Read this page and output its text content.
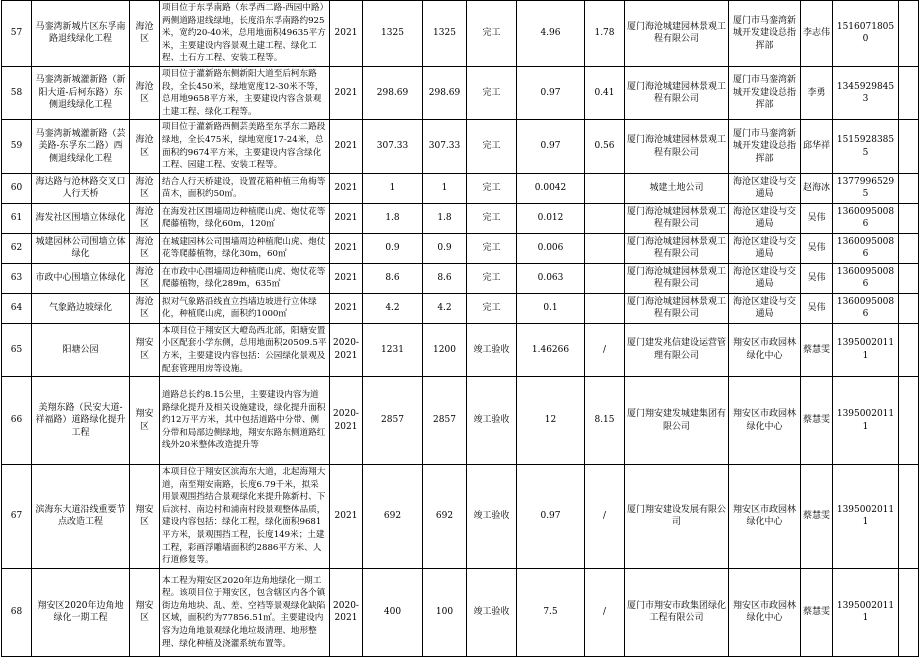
57	马銮湾新城片区东孚南路退线绿化工程	海沧区	项目位于东孚南路（东孚西二路-西园中路）两侧道路退线绿地，长度沿东孚南路约925米，宽约20-40米，总用地面积49635平方米，主要建设内容景观土建工程、绿化工程、土石方工程、安装工程等。	2021	1325	1325	完工	4.96	1.78	厦门海沧城建园林景观工程有限公司	厦门市马銮湾新城开发建设总指挥部	李志伟	15160718050	
58	马銮湾新城灌新路（新阳大道-后柯东路）东侧退线绿化工程	海沧区	项目位于灌新路东侧新阳大道至后柯东路段，全长450米，绿地宽度12-30米不等，总用地9658平方米，主要建设内容含景观土建工程、绿化工程等。	2021	298.69	298.69	完工	0.97	0.41	厦门海沧城建园林景观工程有限公司	厦门市马銮湾新城开发建设总指挥部	李勇	13459298453	
59	马銮湾新城灌新路（芸美路-东孚东二路）西侧退线绿化工程	海沧区	项目位于灌新路西侧芸美路至东孚东二路段绿地，全长475米，绿地宽度17-24米，总面积约9674平方米，主要建设内容含绿化工程、园建工程、安装工程等。	2021	307.33	307.33	完工	0.97	0.56	厦门海沧城建园林景观工程有限公司	厦门市马銮湾新城开发建设总指挥部	邱华祥	15159283855	
60	海达路与沧林路交叉口人行天桥	海沧区	结合人行天桥建设，设置花箱种植三角梅等苗木，面积约50㎡。	2021	1	1	完工	0.0042		城建土地公司	海沧区建设与交通局	赵海冰	13779965295	
61	海发社区围墙立体绿化	海沧区	在海发社区围墙周边种植爬山虎、炮仗花等爬藤植物，绿化60m，120㎡	2021	1.8	1.8	完工	0.012		厦门海沧城建园林景观工程有限公司	海沧区建设与交通局	吴伟	13600950086	
62	城建园林公司围墙立体绿化	海沧区	在城建园林公司围墙周边种植爬山虎、炮仗花等爬藤植物，绿化30m，60㎡	2021	0.9	0.9	完工	0.006		厦门海沧城建园林景观工程有限公司	海沧区建设与交通局	吴伟	13600950086	
63	市政中心围墙立体绿化	海沧区	在市政中心围墙周边种植爬山虎、炮仗花等爬藤植物，绿化289m，635㎡	2021	8.6	8.6	完工	0.063		厦门海沧城建园林景观工程有限公司	海沧区建设与交通局	吴伟	13600950086	
64	气象路边坡绿化	海沧区	拟对气象路沿线直立挡墙边坡进行立体绿化，种植爬山虎，面积约1000㎡	2021	4.2	4.2	完工	0.1		厦门海沧城建园林景观工程有限公司	海沧区建设与交通局	吴伟	13600950086	
65	阳塘公园	翔安区	本项目位于翔安区大嶝岛西北部，阳塘安置小区配套小学东侧，总用地面积20509.5平方米，主要建设内容包括：公园绿化景观及配套管理用房等设施。	2020-2021	1231	1200	竣工验收	1.46266	/	厦门建发兆信建设运营管理有限公司	翔安区市政园林绿化中心	蔡慧雯	13950020111	
66	美翔东路（民安大道-祥福路）道路绿化提升工程	翔安区	道路总长约8.15公里，主要建设内容为道路绿化提升及相关设施建设，绿化提升面积约12万平方米，其中包括道路中分带、侧分带和局部边侧绿地，翔安东路东侧道路红线外20米整体改造提升等	2020-2021	2857	2857	竣工验收	12	8.15	厦门翔安建发城建集团有限公司	翔安区市政园林绿化中心	蔡慧雯	13950020111	
67	滨海东大道沿线重要节点改造工程	翔安区	本项目位于翔安区滨海东大道，北起海翔大道，南至翔安南路，长度6.79千米，拟采用景观围挡结合景观绿化来提升陈新村、下后滨村、南边村和浦南村段景观整体品质，建设内容包括：绿化工程，绿化面积9681平方米，景观围挡工程，长度149米；土建工程，彩画浮雕墙面积约2886平方米、人行道修复等。	2021	692	692	竣工验收	0.97	/	厦门翔安建设发展有限公司	翔安区市政园林绿化中心	蔡慧雯	13950020111	
68	翔安区2020年边角地绿化一期工程	翔安区	本工程为翔安区2020年边角地绿化一期工程。该项目位于翔安区，包含辖区内各个镇街边角地块、乱、差、空裆等景观绿化缺陷区域，面积约为77856.51㎡。主要建设内容为边角地景观绿化地垃圾清理、地形整理、绿化种植及浇灌系统布置等。	2020-2021	400	100	竣工验收	7.5	/	厦门市翔安市政集团绿化工程有限公司	翔安区市政园林绿化中心	蔡慧雯	13950020111	
